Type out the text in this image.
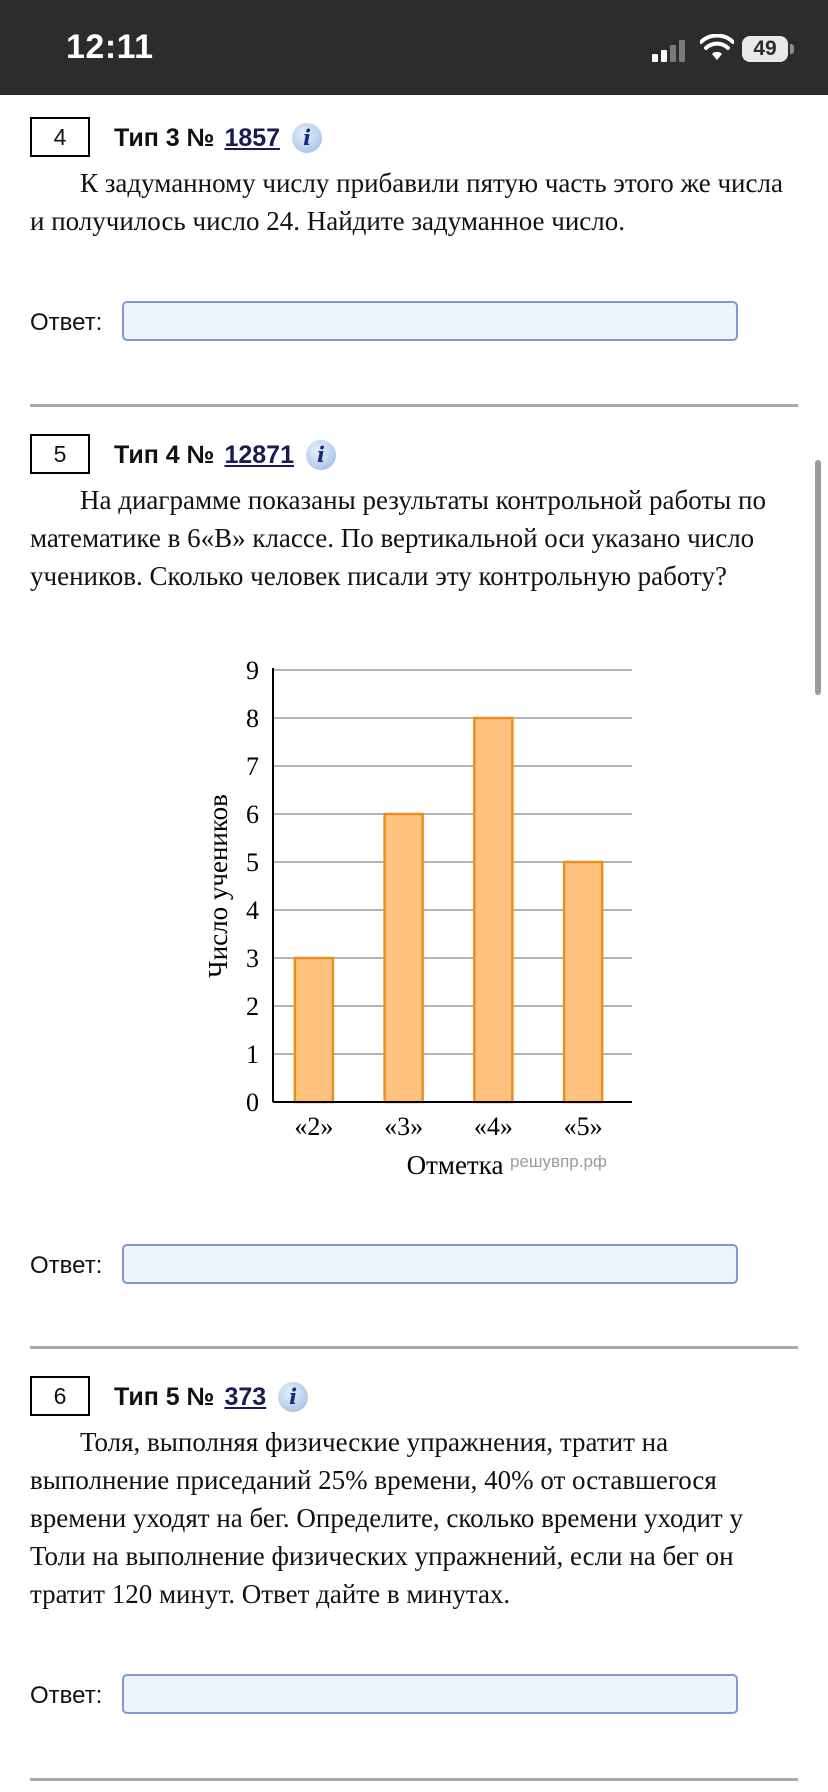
12:11	49
4	Тип 3 № 1857	i
К задуманному числу прибавили пятую часть этого же числа и получилось число 24. Найдите задуманное число.
Ответ:
5	Тип 4 № 12871	i
На диаграмме показаны результаты контрольной работы по математике в 6«В» классе. По вертикальной оси указано число учеников. Сколько человек писали эту контрольную работу?
0
1
2
3
4
5
6
7
8
9
«2» «3» «4» «5»
Отметка
Число учеников
решувпр.рф
Ответ:
6	Тип 5 № 373	i
Толя, выполняя физические упражнения, тратит на выполнение приседаний 25% времени, 40% от оставшегося времени уходят на бег. Определите, сколько времени уходит у Толи на выполнение физических упражнений, если на бег он тратит 120 минут. Ответ дайте в минутах.
Ответ:
